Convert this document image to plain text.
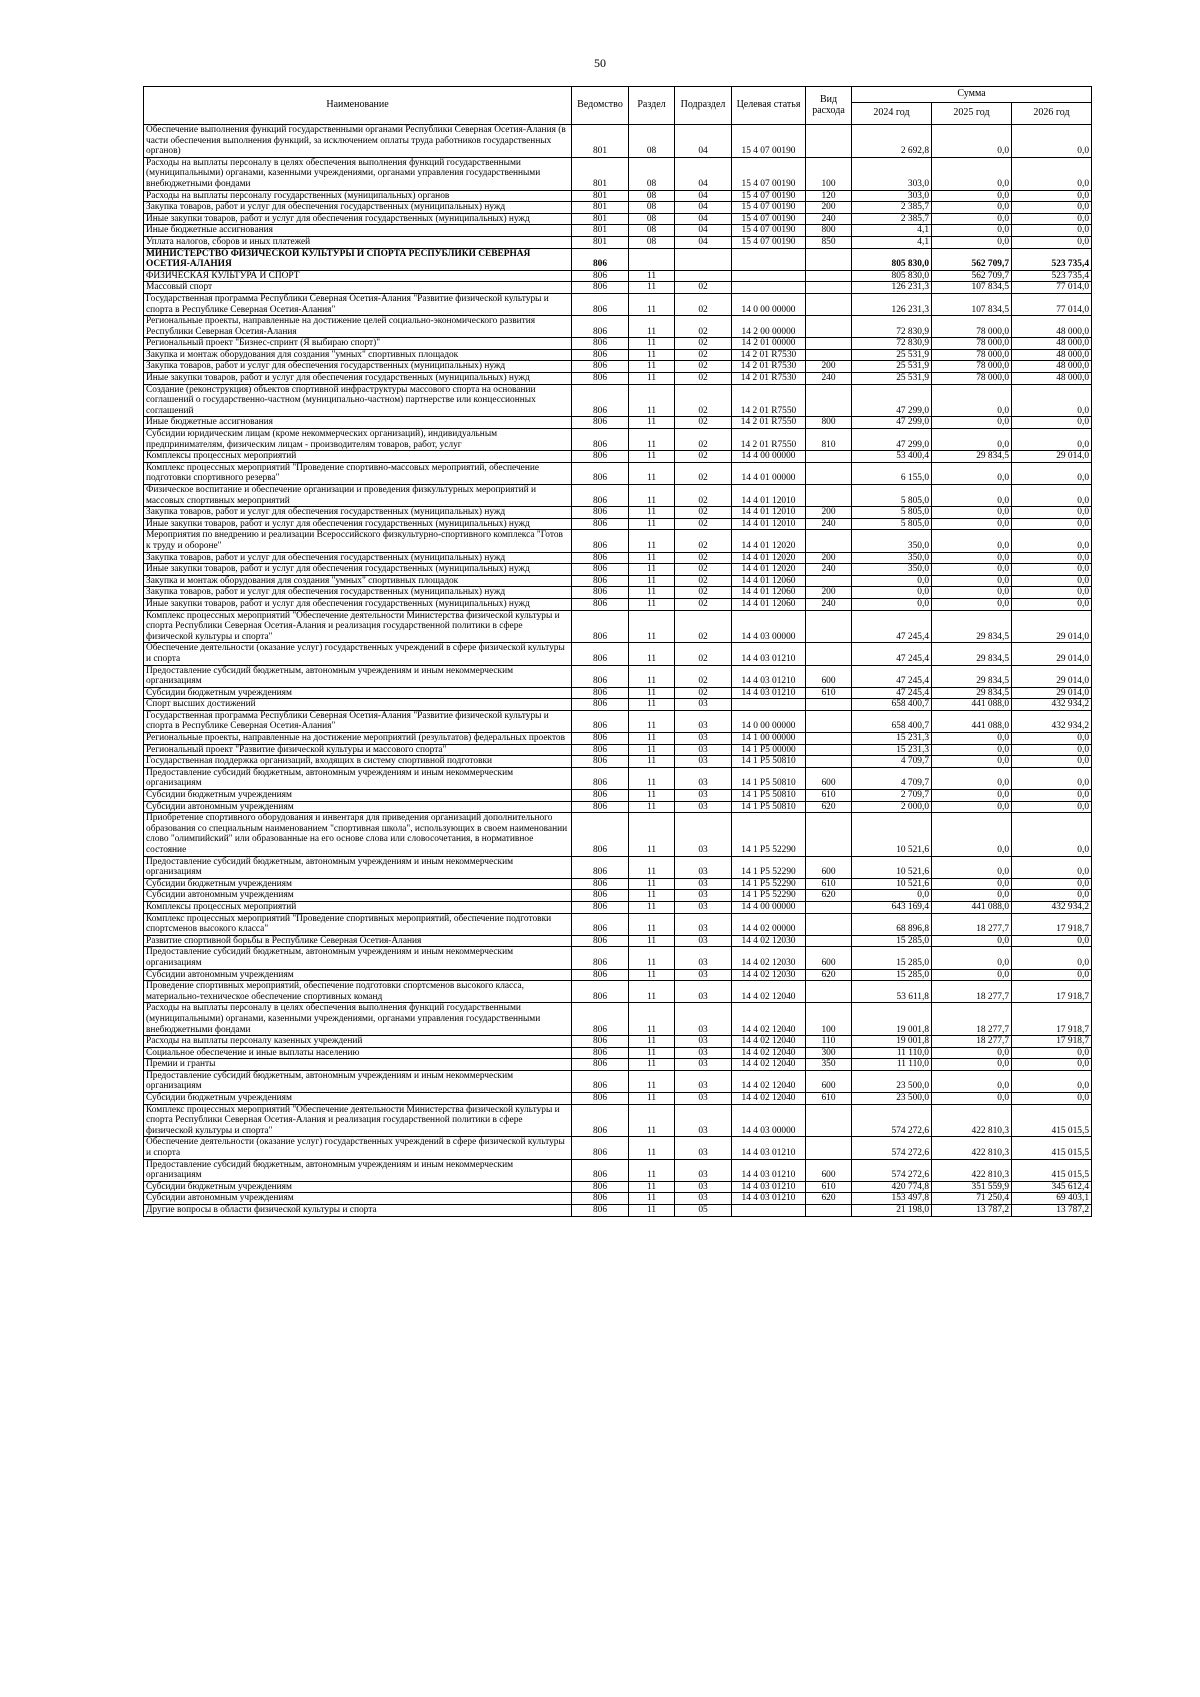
50
Наименование	Ведомство	Раздел	Подраздел	Целевая статья	Вид расхода	Сумма		
						2024 год	2025 год	2026 год
Обеспечение выполнения функций государственными органами Республики Северная Осетия-Алания (в части обеспечения выполнения функций, за исключением оплаты труда работников государственных органов)	801	08	04	15 4 07 00190		2 692,8	0,0	0,0
Расходы на выплаты персоналу в целях обеспечения выполнения функций государственными (муниципальными) органами, казенными учреждениями, органами управления государственными внебюджетными фондами	801	08	04	15 4 07 00190	100	303,0	0,0	0,0
Расходы на выплаты персоналу государственных (муниципальных) органов	801	08	04	15 4 07 00190	120	303,0	0,0	0,0
Закупка товаров, работ и услуг для обеспечения государственных (муниципальных) нужд	801	08	04	15 4 07 00190	200	2 385,7	0,0	0,0
Иные закупки товаров, работ и услуг для обеспечения государственных (муниципальных) нужд	801	08	04	15 4 07 00190	240	2 385,7	0,0	0,0
Иные бюджетные ассигнования	801	08	04	15 4 07 00190	800	4,1	0,0	0,0
Уплата налогов, сборов и иных платежей	801	08	04	15 4 07 00190	850	4,1	0,0	0,0
МИНИСТЕРСТВО ФИЗИЧЕСКОЙ КУЛЬТУРЫ И СПОРТА РЕСПУБЛИКИ СЕВЕРНАЯ ОСЕТИЯ-АЛАНИЯ	806					805 830,0	562 709,7	523 735,4
ФИЗИЧЕСКАЯ КУЛЬТУРА И СПОРТ	806	11				805 830,0	562 709,7	523 735,4
Массовый спорт	806	11	02			126 231,3	107 834,5	77 014,0
Государственная программа Республики Северная Осетия-Алания "Развитие физической культуры и спорта в Республике Северная Осетия-Алания"	806	11	02	14 0 00 00000		126 231,3	107 834,5	77 014,0
Региональные проекты, направленные на достижение целей социально-экономического развития Республики Северная Осетия-Алания	806	11	02	14 2 00 00000		72 830,9	78 000,0	48 000,0
Региональный проект "Бизнес-спринт (Я выбираю спорт)"	806	11	02	14 2 01 00000		72 830,9	78 000,0	48 000,0
Закупка и монтаж оборудования для создания "умных" спортивных площадок	806	11	02	14 2 01 R7530		25 531,9	78 000,0	48 000,0
Закупка товаров, работ и услуг для обеспечения государственных (муниципальных) нужд	806	11	02	14 2 01 R7530	200	25 531,9	78 000,0	48 000,0
Иные закупки товаров, работ и услуг для обеспечения государственных (муниципальных) нужд	806	11	02	14 2 01 R7530	240	25 531,9	78 000,0	48 000,0
Создание (реконструкция) объектов спортивной инфраструктуры массового спорта на основании соглашений о государственно-частном (муниципально-частном) партнерстве или концессионных соглашений	806	11	02	14 2 01 R7550		47 299,0	0,0	0,0
Иные бюджетные ассигнования	806	11	02	14 2 01 R7550	800	47 299,0	0,0	0,0
Субсидии юридическим лицам (кроме некоммерческих организаций), индивидуальным предпринимателям, физическим лицам - производителям товаров, работ, услуг	806	11	02	14 2 01 R7550	810	47 299,0	0,0	0,0
Комплексы процессных мероприятий	806	11	02	14 4 00 00000		53 400,4	29 834,5	29 014,0
Комплекс процессных мероприятий "Проведение спортивно-массовых мероприятий, обеспечение подготовки спортивного резерва"	806	11	02	14 4 01 00000		6 155,0	0,0	0,0
Физическое воспитание и обеспечение организации и проведения физкультурных мероприятий и массовых спортивных мероприятий	806	11	02	14 4 01 12010		5 805,0	0,0	0,0
Закупка товаров, работ и услуг для обеспечения государственных (муниципальных) нужд	806	11	02	14 4 01 12010	200	5 805,0	0,0	0,0
Иные закупки товаров, работ и услуг для обеспечения государственных (муниципальных) нужд	806	11	02	14 4 01 12010	240	5 805,0	0,0	0,0
Мероприятия по внедрению и реализации Всероссийского физкультурно-спортивного комплекса "Готов к труду и обороне"	806	11	02	14 4 01 12020		350,0	0,0	0,0
Закупка товаров, работ и услуг для обеспечения государственных (муниципальных) нужд	806	11	02	14 4 01 12020	200	350,0	0,0	0,0
Иные закупки товаров, работ и услуг для обеспечения государственных (муниципальных) нужд	806	11	02	14 4 01 12020	240	350,0	0,0	0,0
Закупка и монтаж оборудования для создания "умных" спортивных площадок	806	11	02	14 4 01 12060		0,0	0,0	0,0
Закупка товаров, работ и услуг для обеспечения государственных (муниципальных) нужд	806	11	02	14 4 01 12060	200	0,0	0,0	0,0
Иные закупки товаров, работ и услуг для обеспечения государственных (муниципальных) нужд	806	11	02	14 4 01 12060	240	0,0	0,0	0,0
Комплекс процессных мероприятий "Обеспечение деятельности Министерства физической культуры и спорта Республики Северная Осетия-Алания и реализация государственной политики в сфере физической культуры и спорта"	806	11	02	14 4 03 00000		47 245,4	29 834,5	29 014,0
Обеспечение деятельности (оказание услуг) государственных учреждений в сфере физической культуры и спорта	806	11	02	14 4 03 01210		47 245,4	29 834,5	29 014,0
Предоставление субсидий бюджетным, автономным учреждениям и иным некоммерческим организациям	806	11	02	14 4 03 01210	600	47 245,4	29 834,5	29 014,0
Субсидии бюджетным учреждениям	806	11	02	14 4 03 01210	610	47 245,4	29 834,5	29 014,0
Спорт высших достижений	806	11	03			658 400,7	441 088,0	432 934,2
Государственная программа Республики Северная Осетия-Алания "Развитие физической культуры и спорта в Республике Северная Осетия-Алания"	806	11	03	14 0 00 00000		658 400,7	441 088,0	432 934,2
Региональные проекты, направленные на достижение мероприятий (результатов) федеральных проектов	806	11	03	14 1 00 00000		15 231,3	0,0	0,0
Региональный проект "Развитие физической культуры и массового спорта"	806	11	03	14 1 P5 00000		15 231,3	0,0	0,0
Государственная поддержка организаций, входящих в систему спортивной подготовки	806	11	03	14 1 P5 50810		4 709,7	0,0	0,0
Предоставление субсидий бюджетным, автономным учреждениям и иным некоммерческим организациям	806	11	03	14 1 P5 50810	600	4 709,7	0,0	0,0
Субсидии бюджетным учреждениям	806	11	03	14 1 P5 50810	610	2 709,7	0,0	0,0
Субсидии автономным учреждениям	806	11	03	14 1 P5 50810	620	2 000,0	0,0	0,0
Приобретение спортивного оборудования и инвентаря для приведения организаций дополнительного образования со специальным наименованием "спортивная школа", использующих в своем наименовании слово "олимпийский" или образованные на его основе слова или словосочетания, в нормативное состояние	806	11	03	14 1 P5 52290		10 521,6	0,0	0,0
Предоставление субсидий бюджетным, автономным учреждениям и иным некоммерческим организациям	806	11	03	14 1 P5 52290	600	10 521,6	0,0	0,0
Субсидии бюджетным учреждениям	806	11	03	14 1 P5 52290	610	10 521,6	0,0	0,0
Субсидии автономным учреждениям	806	11	03	14 1 P5 52290	620	0,0	0,0	0,0
Комплексы процессных мероприятий	806	11	03	14 4 00 00000		643 169,4	441 088,0	432 934,2
Комплекс процессных мероприятий "Проведение спортивных мероприятий, обеспечение подготовки спортсменов высокого класса"	806	11	03	14 4 02 00000		68 896,8	18 277,7	17 918,7
Развитие спортивной борьбы в Республике Северная Осетия-Алания	806	11	03	14 4 02 12030		15 285,0	0,0	0,0
Предоставление субсидий бюджетным, автономным учреждениям и иным некоммерческим организациям	806	11	03	14 4 02 12030	600	15 285,0	0,0	0,0
Субсидии автономным учреждениям	806	11	03	14 4 02 12030	620	15 285,0	0,0	0,0
Проведение спортивных мероприятий, обеспечение подготовки спортсменов высокого класса, материально-техническое обеспечение спортивных команд	806	11	03	14 4 02 12040		53 611,8	18 277,7	17 918,7
Расходы на выплаты персоналу в целях обеспечения выполнения функций государственными (муниципальными) органами, казенными учреждениями, органами управления государственными внебюджетными фондами	806	11	03	14 4 02 12040	100	19 001,8	18 277,7	17 918,7
Расходы на выплаты персоналу казенных учреждений	806	11	03	14 4 02 12040	110	19 001,8	18 277,7	17 918,7
Социальное обеспечение и иные выплаты населению	806	11	03	14 4 02 12040	300	11 110,0	0,0	0,0
Премии и гранты	806	11	03	14 4 02 12040	350	11 110,0	0,0	0,0
Предоставление субсидий бюджетным, автономным учреждениям и иным некоммерческим организациям	806	11	03	14 4 02 12040	600	23 500,0	0,0	0,0
Субсидии бюджетным учреждениям	806	11	03	14 4 02 12040	610	23 500,0	0,0	0,0
Комплекс процессных мероприятий "Обеспечение деятельности Министерства физической культуры и спорта Республики Северная Осетия-Алания и реализация государственной политики в сфере физической культуры и спорта"	806	11	03	14 4 03 00000		574 272,6	422 810,3	415 015,5
Обеспечение деятельности (оказание услуг) государственных учреждений в сфере физической культуры и спорта	806	11	03	14 4 03 01210		574 272,6	422 810,3	415 015,5
Предоставление субсидий бюджетным, автономным учреждениям и иным некоммерческим организациям	806	11	03	14 4 03 01210	600	574 272,6	422 810,3	415 015,5
Субсидии бюджетным учреждениям	806	11	03	14 4 03 01210	610	420 774,8	351 559,9	345 612,4
Субсидии автономным учреждениям	806	11	03	14 4 03 01210	620	153 497,8	71 250,4	69 403,1
Другие вопросы в области физической культуры и спорта	806	11	05			21 198,0	13 787,2	13 787,2
